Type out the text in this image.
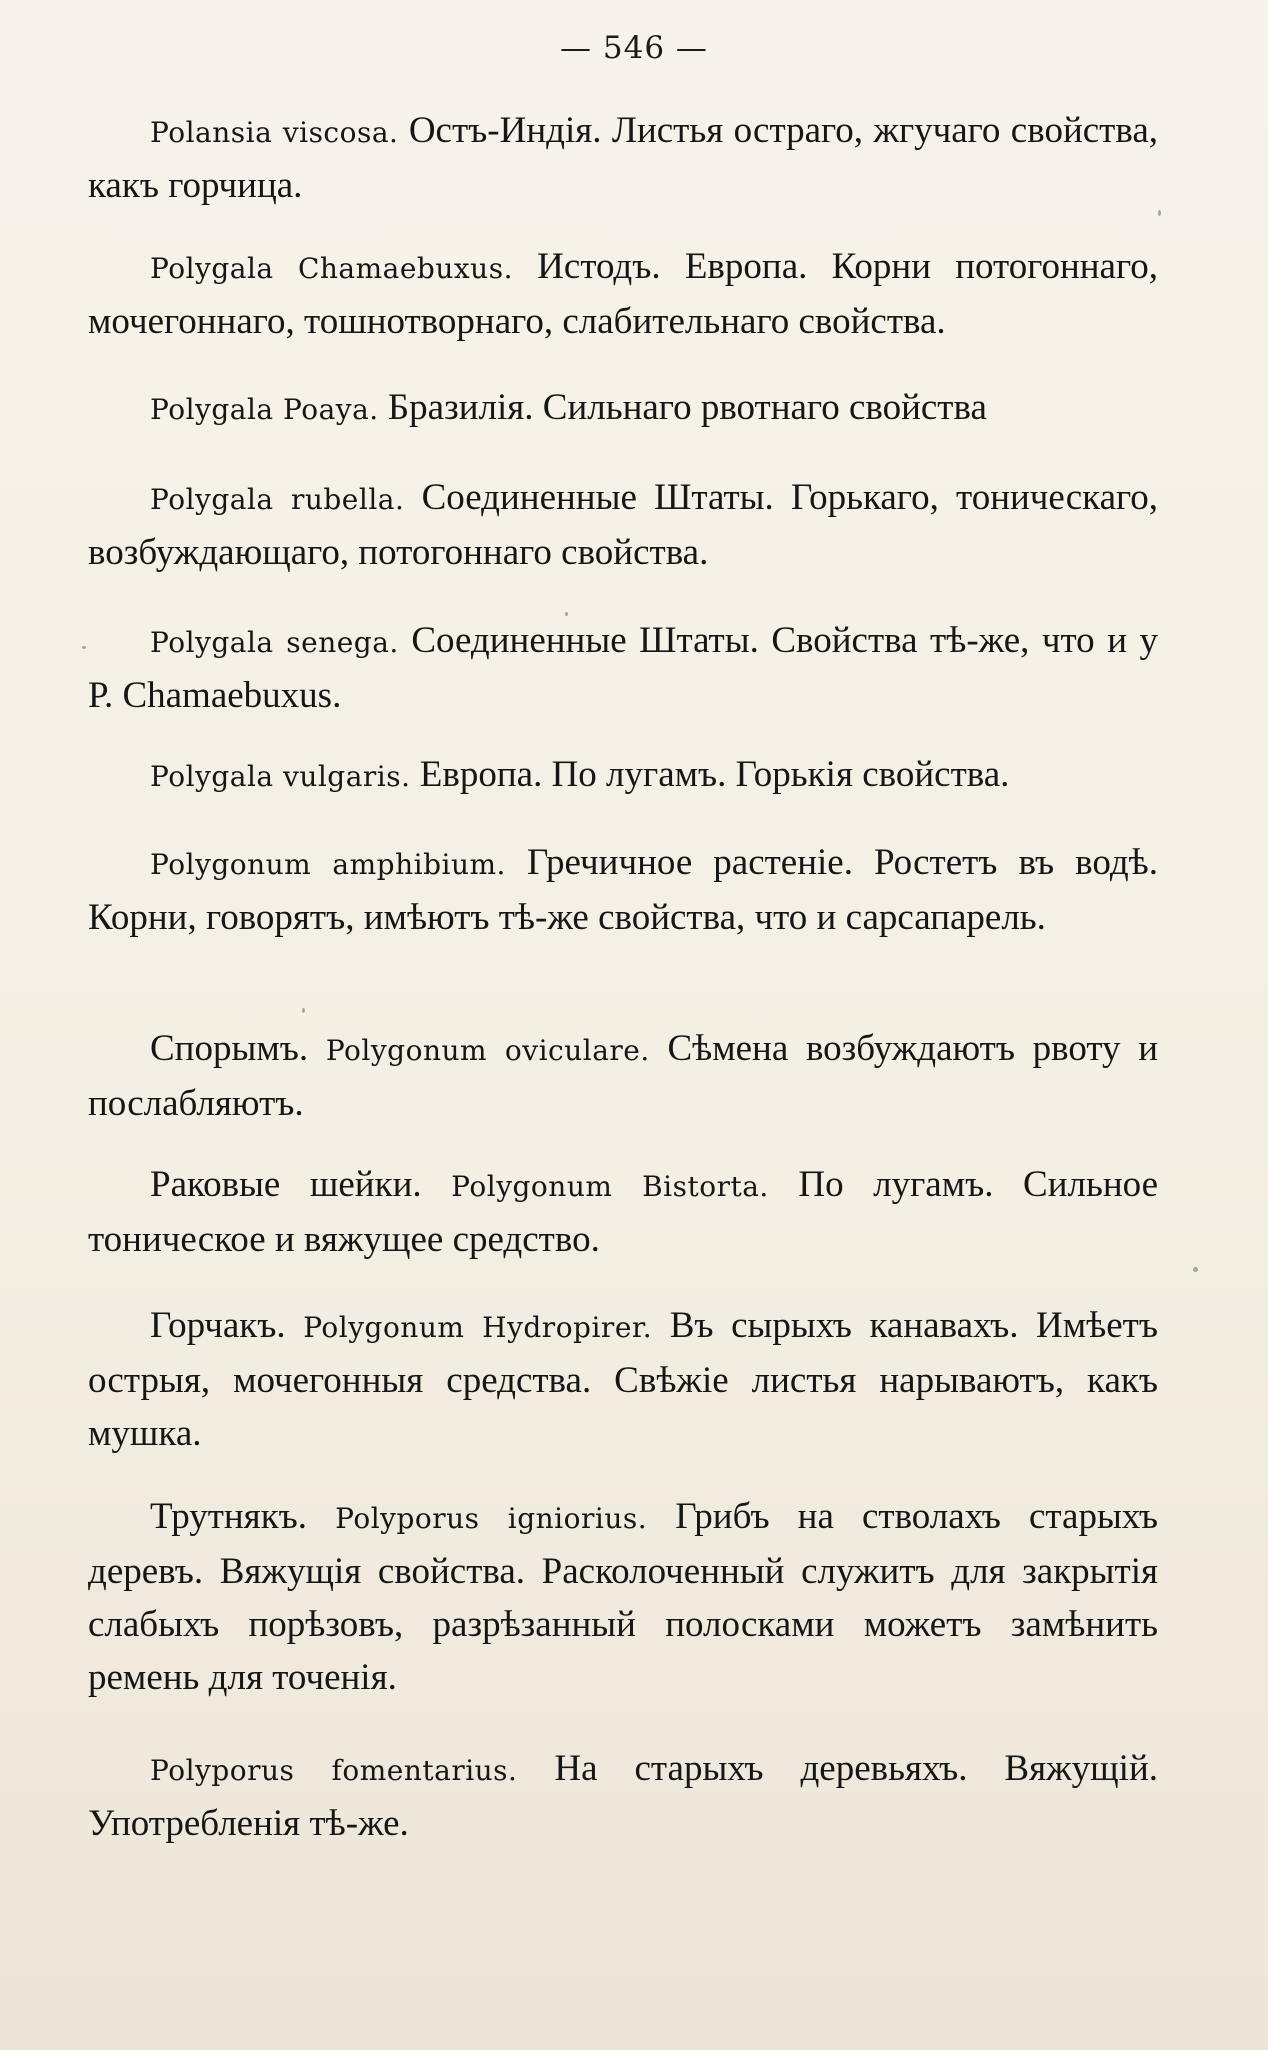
— 546 —
Polansia viscosa. Остъ-Индія. Листья остраго, жгучаго свойства, какъ горчица.
Polygala Chamaebuxus. Истодъ. Европа. Корни потогоннаго, мочегоннаго, тошнотворнаго, слабительнаго свойства.
Polygala Poaya. Бразилія. Сильнаго рвотнаго свойства
Polygala rubella. Соединенные Штаты. Горькаго, тоническаго, возбуждающаго, потогоннаго свойства.
Polygala senega. Соединенные Штаты. Свойства тѣ-же, что и у Р. Chamaebuxus.
Polygala vulgaris. Европа. По лугамъ. Горькія свойства.
Polygonum amphibium. Гречичное растеніе. Ростетъ въ водѣ. Корни, говорятъ, имѣютъ тѣ-же свойства, что и сарсапарель.
Спорымъ. Polygonum oviculare. Сѣмена возбуждаютъ рвоту и послабляютъ.
Раковые шейки. Polygonum Bistorta. По лугамъ. Сильное тоническое и вяжущее средство.
Горчакъ. Polygonum Hydropirer. Въ сырыхъ канавахъ. Имѣетъ острыя, мочегонныя средства. Свѣжіе листья нарываютъ, какъ мушка.
Трутнякъ. Polyporus igniorius. Грибъ на стволахъ старыхъ деревъ. Вяжущія свойства. Расколоченный служитъ для закрытія слабыхъ порѣзовъ, разрѣзанный полосками можетъ замѣнить ремень для точенія.
Polyporus fomentarius. На старыхъ деревьяхъ. Вяжущій. Употребленія тѣ-же.
